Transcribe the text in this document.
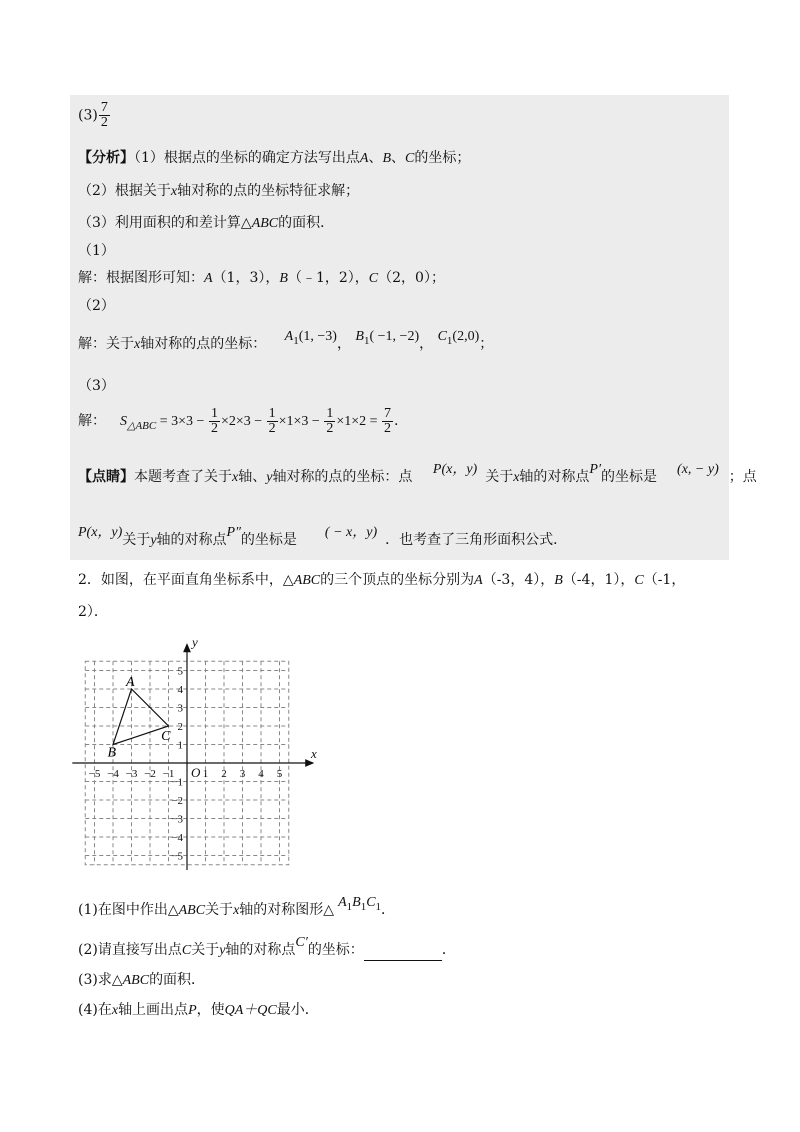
$(3) \frac{7}{2}$
【分析】（1）根据点的坐标的确定方法写出点A、B、C的坐标；
（2）根据关于x轴对称的点的坐标特征求解；
（3）利用面积的和差计算△ABC的面积．
（1）
解：根据图形可知：A（1，3），B（﹣1，2），C（2，0）；
（2）
解：关于x轴对称的点的坐标： $A_1(1$, −3)， $B_1( -1$, −2)， $C_1(2,0)$；
（3）
解： $S_{\triangle ABC} = 3\times 3 - \frac{1}{2} \times 2\times 3 - \frac{1}{2} \times 1\times 3 - \frac{1}{2} \times 1\times 2 = \frac{7}{2}$ .
【点睛】本题考查了关于x轴、y轴对称的点的坐标：点 P(x，y) 关于x轴的对称点P′的坐标是 (x, − y) ；点
P(x，y)关于y轴的对称点P″的坐标是 ( − x，y) ．也考查了三角形面积公式．
2．如图，在平面直角坐标系中，△ABC的三个顶点的坐标分别为A（-3，4），B（-4，1），C（-1，
2）．
−5 −4 −3 −2 −1	1 2 3 4 5
5
4
3
2
1
−1
−2
−3
−4
−5
O
x
y
A
B
C
(1)在图中作出△ABC关于x轴的对称图形△ $A_1B_1C_1$．
(2)请直接写出点C关于y轴的对称点C′的坐标：	．
(3)求△ABC的面积．
(4)在x轴上画出点P，使QA＋QC最小．
